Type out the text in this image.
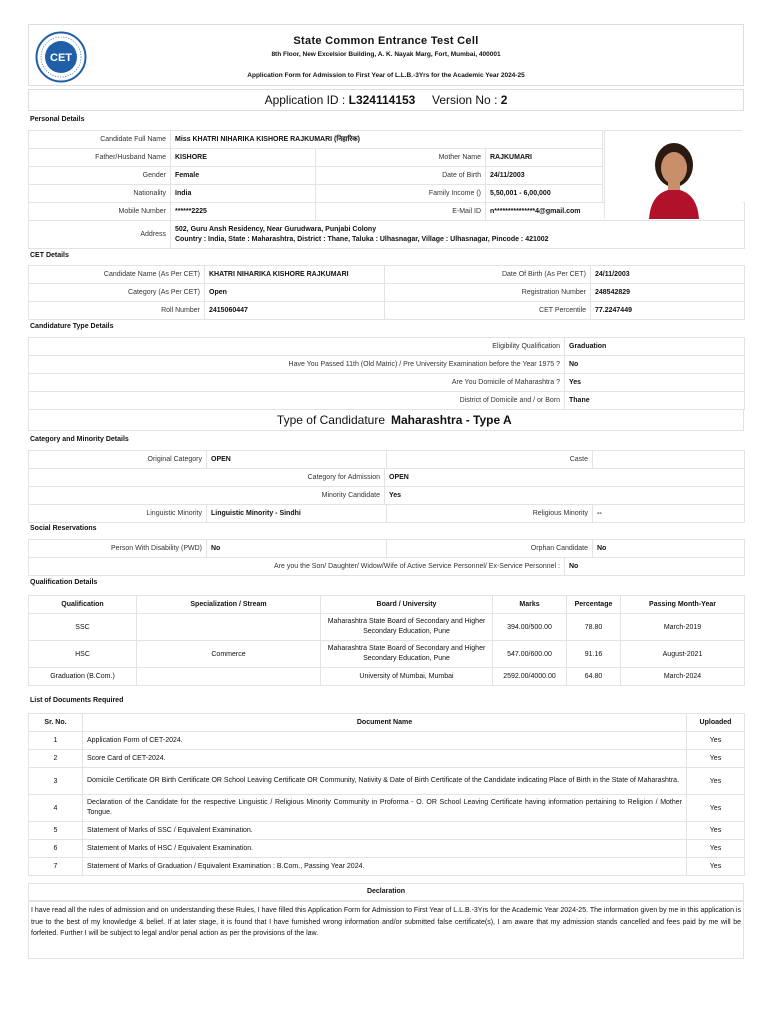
CET
State Common Entrance Test Cell
8th Floor, New Excelsior Building, A. K. Nayak Marg, Fort, Mumbai, 400001
Application Form for Admission to First Year of L.L.B.-3Yrs for the Academic Year 2024-25
Application ID : L324114153 Version No : 2
Personal Details
Candidate Full Name	Miss KHATRI NIHARIKA KISHORE RAJKUMARI (निहारिक)
Father/Husband Name	KISHORE	Mother Name	RAJKUMARI
Gender	Female	Date of Birth	24/11/2003
Nationality	India	Family Income ()	5,50,001 - 6,00,000
Mobile Number	******2225	E-Mail ID	n***************4@gmail.com
Address	
502, Guru Ansh Residency, Near Gurudwara, Punjabi Colony
Country : India, State : Maharashtra, District : Thane, Taluka : Ulhasnagar, Village : Ulhasnagar, Pincode : 421002
CET Details
Candidate Name (As Per CET)	KHATRI NIHARIKA KISHORE RAJKUMARI	Date Of Birth (As Per CET)	24/11/2003
Category (As Per CET)	Open	Registration Number	248542829
Roll Number	2415060447	CET Percentile	77.2247449
Candidature Type Details
Eligibility Qualification	Graduation
Have You Passed 11th (Old Matric) / Pre University Examination before the Year 1975 ?	No
Are You Domicile of Maharashtra ?	Yes
District of Domicile and / or Born	Thane
Type of Candidature Maharashtra - Type A
Category and Minority Details
Original Category	OPEN	Caste	
Category for Admission	OPEN
Minority Candidate	Yes
Linguistic Minority	Linguistic Minority - Sindhi	Religious Minority	--
Social Reservations
Person With Disability (PWD)	No	Orphan Candidate	No
Are you the Son/ Daughter/ Widow/Wife of Active Service Personnel/ Ex-Service Personnel :	No
Qualification Details
Qualification	Specialization / Stream	Board / University	Marks	Percentage	Passing Month-Year
SSC		Maharashtra State Board of Secondary and Higher Secondary Education, Pune	394.00/500.00	78.80	March-2019
HSC	Commerce	Maharashtra State Board of Secondary and Higher Secondary Education, Pune	547.00/600.00	91.16	August-2021
Graduation (B.Com.)		University of Mumbai, Mumbai	2592.00/4000.00	64.80	March-2024
List of Documents Required
Sr. No.	Document Name	Uploaded
1	Application Form of CET-2024.	Yes
2	Score Card of CET-2024.	Yes
3	Domicile Certificate OR Birth Certificate OR School Leaving Certificate OR Community, Nativity & Date of Birth Certificate of the Candidate indicating Place of Birth in the State of Maharashtra.	Yes
4	Declaration of the Candidate for the respective Linguistic / Religious Minority Community in Proforma - O. OR School Leaving Certificate having information pertaining to Religion / Mother Tongue.	Yes
5	Statement of Marks of SSC / Equivalent Examination.	Yes
6	Statement of Marks of HSC / Equivalent Examination.	Yes
7	Statement of Marks of Graduation / Equivalent Examination : B.Com., Passing Year 2024.	Yes
Declaration
I have read all the rules of admission and on understanding these Rules, I have filled this Application Form for Admission to First Year of L.L.B.-3Yrs for the Academic Year 2024-25. The information given by me in this application is true to the best of my knowledge & belief. If at later stage, it is found that I have furnished wrong information and/or submitted false certificate(s), I am aware that my admission stands cancelled and fees paid by me will be forfeited. Further I will be subject to legal and/or penal action as per the provisions of the law.
